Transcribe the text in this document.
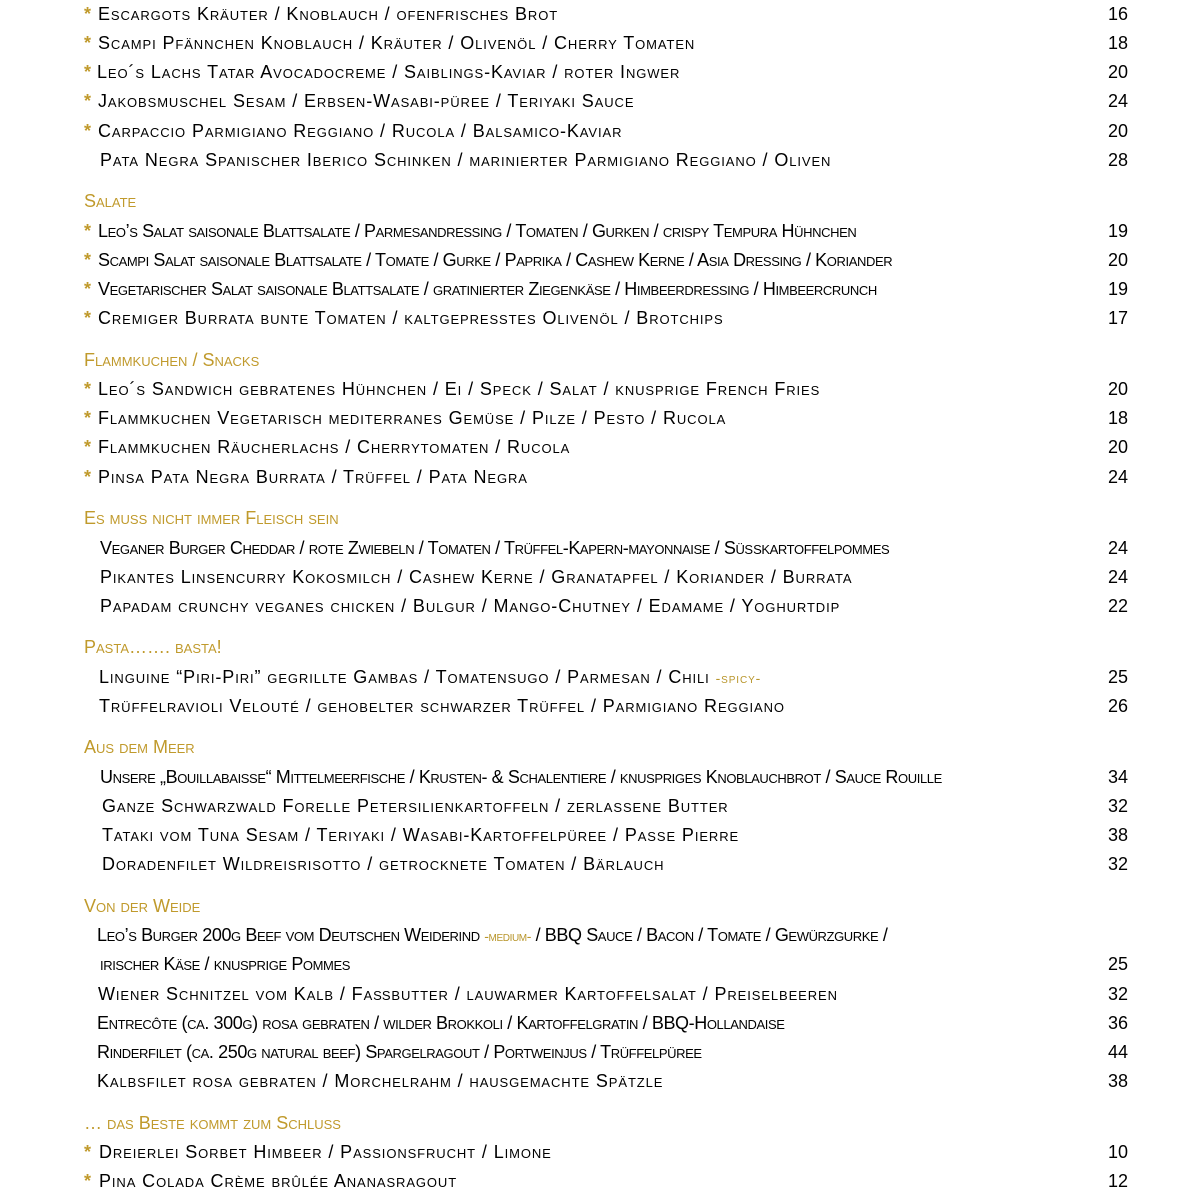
* Escargots Kräuter / Knoblauch / ofenfrisches Brot	16
* Scampi Pfännchen Knoblauch / Kräuter / Olivenöl / Cherry Tomaten	18
* Leo´s Lachs Tatar Avocadocreme / Saiblings-Kaviar / roter Ingwer	20
* Jakobsmuschel Sesam / Erbsen-Wasabi-püree / Teriyaki Sauce	24
* Carpaccio Parmigiano Reggiano / Rucola / Balsamico-Kaviar	20
Pata Negra Spanischer Iberico Schinken / marinierter Parmigiano Reggiano / Oliven	28
Salate
* Leo’s Salat saisonale Blattsalate / Parmesandressing / Tomaten / Gurken / crispy Tempura Hühnchen	19
* Scampi Salat saisonale Blattsalate / Tomate / Gurke / Paprika / Cashew Kerne / Asia Dressing / Koriander	20
* Vegetarischer Salat saisonale Blattsalate / gratinierter Ziegenkäse / Himbeerdressing / Himbeercrunch	19
* Cremiger Burrata bunte Tomaten / kaltgepresstes Olivenöl / Brotchips	17
Flammkuchen / Snacks
* Leo´s Sandwich gebratenes Hühnchen / Ei / Speck / Salat / knusprige French Fries	20
* Flammkuchen Vegetarisch mediterranes Gemüse / Pilze / Pesto / Rucola	18
* Flammkuchen Räucherlachs / Cherrytomaten / Rucola	20
* Pinsa Pata Negra Burrata / Trüffel / Pata Negra	24
Es muss nicht immer Fleisch sein
Veganer Burger Cheddar / rote Zwiebeln / Tomaten / Trüffel-Kapern-mayonnaise / Süßkartoffelpommes	24
Pikantes Linsencurry Kokosmilch / Cashew Kerne / Granatapfel / Koriander / Burrata	24
Papadam crunchy veganes chicken / Bulgur / Mango-Chutney / Edamame / Yoghurtdip	22
Pasta……. basta!
Linguine “Piri-Piri” gegrillte Gambas / Tomatensugo / Parmesan / Chili -spicy-	25
Trüffelravioli Velouté / gehobelter schwarzer Trüffel / Parmigiano Reggiano	26
Aus dem Meer
Unsere „Bouillabaisse“ Mittelmeerfische / Krusten- & Schalentiere / knuspriges Knoblauchbrot / Sauce Rouille	34
Ganze Schwarzwald Forelle Petersilienkartoffeln / zerlassene Butter	32
Tataki vom Tuna Sesam / Teriyaki / Wasabi-Kartoffelpüree / Passe Pierre	38
Doradenfilet Wildreisrisotto / getrocknete Tomaten / Bärlauch	32
Von der Weide
Leo’s Burger 200g Beef vom Deutschen Weiderind -medium- / BBQ Sauce / Bacon / Tomate / Gewürzgurke /
irischer Käse / knusprige Pommes	25
Wiener Schnitzel vom Kalb / Faßbutter / lauwarmer Kartoffelsalat / Preiselbeeren	32
Entrecôte (ca. 300g) rosa gebraten / wilder Brokkoli / Kartoffelgratin / BBQ-Hollandaise	36
Rinderfilet (ca. 250g natural beef) Spargelragout / Portweinjus / Trüffelpüree	44
Kalbsfilet rosa gebraten / Morchelrahm / hausgemachte Spätzle	38
… das Beste kommt zum Schluss
* Dreierlei Sorbet Himbeer / Passionsfrucht / Limone	10
* Pina Colada Crème brûlée Ananasragout	12
